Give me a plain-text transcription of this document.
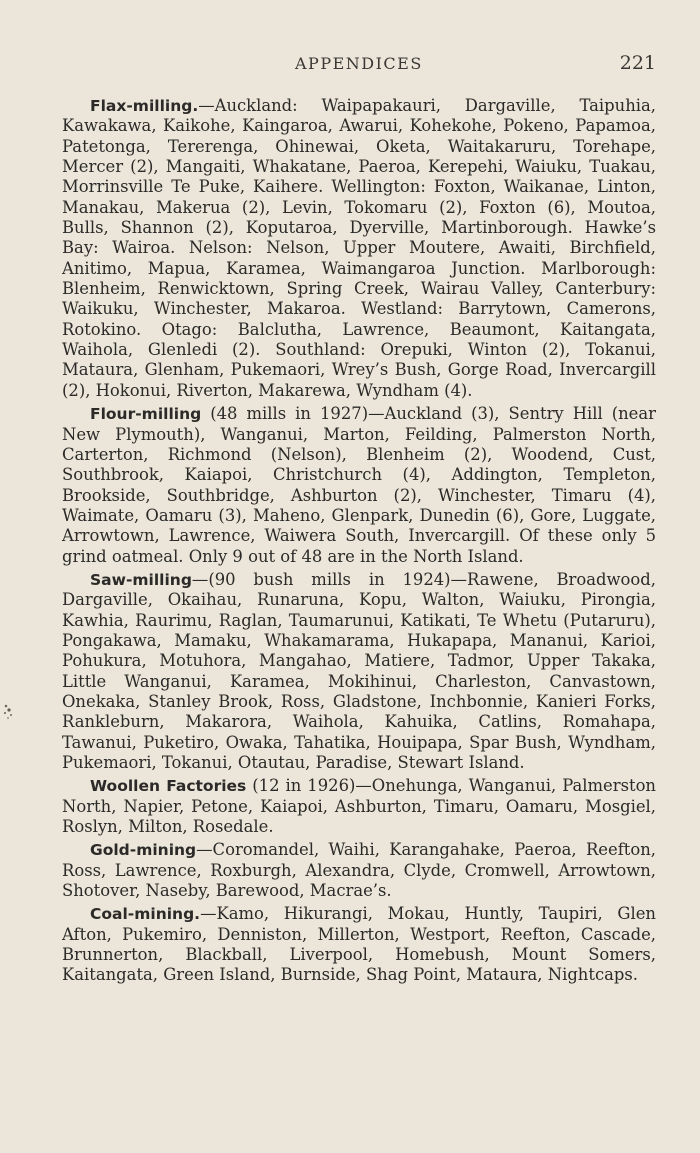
APPENDICES	221

Flax-milling.—Auckland: Waipapakauri, Dargaville, Taipuhia, Kawakawa, Kaikohe, Kaingaroa, Awarui, Kohekohe, Pokeno, Papamoa, Patetonga, Tererenga, Ohinewai, Oketa, Waitakaruru, Torehape, Mercer (2), Mangaiti, Whakatane, Paeroa, Kerepehi, Waiuku, Tuakau, Morrinsville Te Puke, Kaihere. Wellington: Foxton, Waikanae, Linton, Manakau, Makerua (2), Levin, Tokomaru (2), Foxton (6), Moutoa, Bulls, Shannon (2), Koputaroa, Dyerville, Martinborough. Hawke’s Bay: Wairoa. Nelson: Nelson, Upper Moutere, Awaiti, Birchfield, Anitimo, Mapua, Karamea, Waimangaroa Junction. Marlborough: Blenheim, Renwicktown, Spring Creek, Wairau Valley, Canterbury: Waikuku, Winchester, Makaroa. Westland: Barrytown, Camerons, Rotokino. Otago: Balclutha, Lawrence, Beaumont, Kaitangata, Waihola, Glenledi (2). Southland: Orepuki, Winton (2), Tokanui, Mataura, Glenham, Pukemaori, Wrey’s Bush, Gorge Road, Invercargill (2), Hokonui, Riverton, Makarewa, Wyndham (4).

Flour-milling (48 mills in 1927)—Auckland (3), Sentry Hill (near New Plymouth), Wanganui, Marton, Feilding, Palmerston North, Carterton, Richmond (Nelson), Blenheim (2), Woodend, Cust, Southbrook, Kaiapoi, Christchurch (4), Addington, Templeton, Brookside, Southbridge, Ashburton (2), Winchester, Timaru (4), Waimate, Oamaru (3), Maheno, Glenpark, Dunedin (6), Gore, Luggate, Arrowtown, Lawrence, Waiwera South, Invercargill. Of these only 5 grind oatmeal. Only 9 out of 48 are in the North Island.

Saw-milling—(90 bush mills in 1924)—Rawene, Broadwood, Dargaville, Okaihau, Runaruna, Kopu, Walton, Waiuku, Pirongia, Kawhia, Raurimu, Raglan, Taumarunui, Katikati, Te Whetu (Putaruru), Pongakawa, Mamaku, Whakamarama, Hukapapa, Mananui, Karioi, Pohukura, Motuhora, Mangahao, Matiere, Tadmor, Upper Takaka, Little Wanganui, Karamea, Mokihinui, Charleston, Canvastown, Onekaka, Stanley Brook, Ross, Gladstone, Inchbonnie, Kanieri Forks, Rankleburn, Makarora, Waihola, Kahuika, Catlins, Romahapa, Tawanui, Puketiro, Owaka, Tahatika, Houipapa, Spar Bush, Wyndham, Pukemaori, Tokanui, Otautau, Paradise, Stewart Island.

Woollen Factories (12 in 1926)—Onehunga, Wanganui, Palmerston North, Napier, Petone, Kaiapoi, Ashburton, Timaru, Oamaru, Mosgiel, Roslyn, Milton, Rosedale.

Gold-mining—Coromandel, Waihi, Karangahake, Paeroa, Reefton, Ross, Lawrence, Roxburgh, Alexandra, Clyde, Cromwell, Arrowtown, Shotover, Naseby, Barewood, Macrae’s.

Coal-mining.—Kamo, Hikurangi, Mokau, Huntly, Taupiri, Glen Afton, Pukemiro, Denniston, Millerton, Westport, Reefton, Cascade, Brunnerton, Blackball, Liverpool, Homebush, Mount Somers, Kaitangata, Green Island, Burnside, Shag Point, Mataura, Nightcaps.
